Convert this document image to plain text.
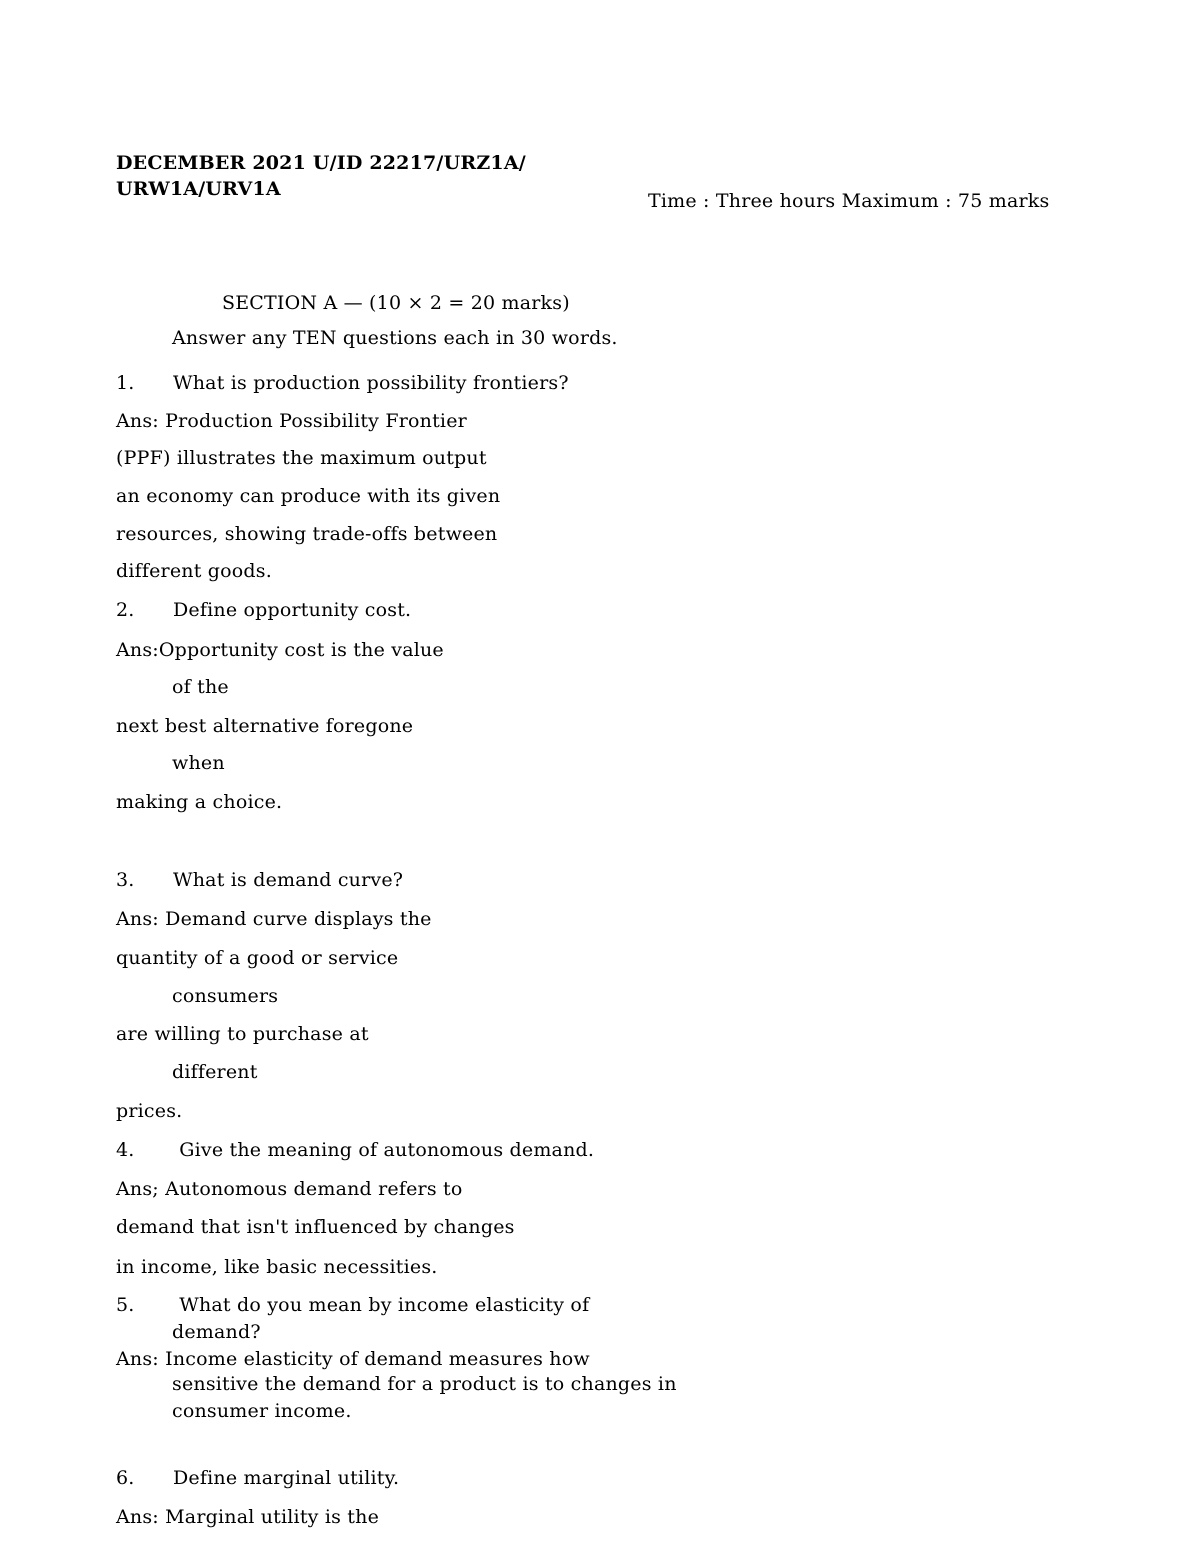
DECEMBER 2021 U/ID 22217/URZ1A/
URW1A/URV1A
Time : Three hours Maximum : 75 marks
SECTION A — (10 × 2 = 20 marks)
Answer any TEN questions each in 30 words.
1. What is production possibility frontiers?
Ans: Production Possibility Frontier
(PPF) illustrates the maximum output
an economy can produce with its given
resources, showing trade-offs between
different goods.
2. Define opportunity cost.
Ans:Opportunity cost is the value
of the
next best alternative foregone
when
making a choice.
3. What is demand curve?
Ans: Demand curve displays the
quantity of a good or service
consumers
are willing to purchase at
different
prices.
4. Give the meaning of autonomous demand.
Ans; Autonomous demand refers to
demand that isn't influenced by changes
in income, like basic necessities.
5. What do you mean by income elasticity of
demand?
Ans: Income elasticity of demand measures how
sensitive the demand for a product is to changes in
consumer income.
6. Define marginal utility.
Ans: Marginal utility is the
